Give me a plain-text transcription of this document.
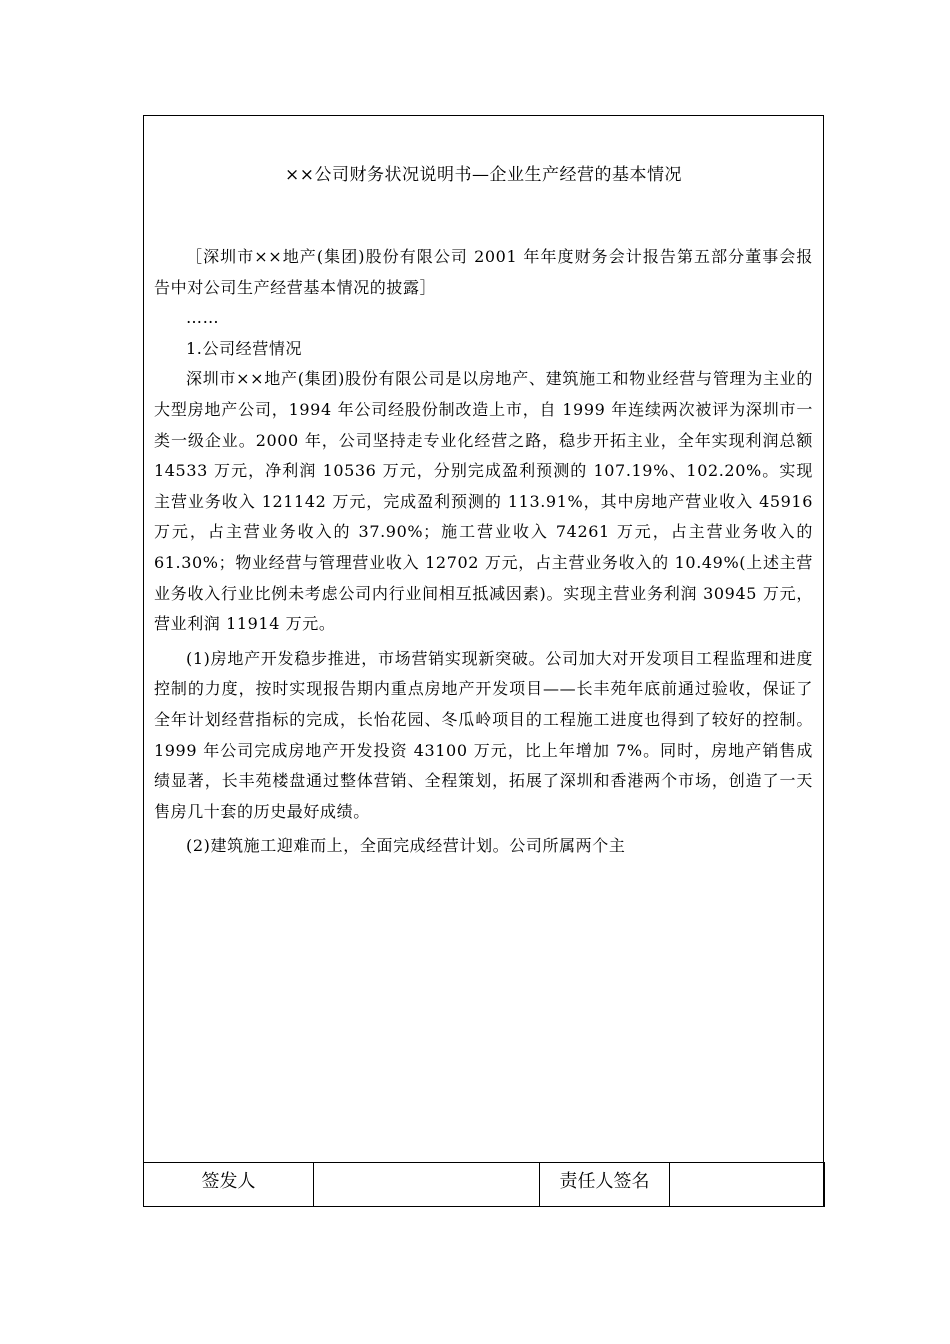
××公司财务状况说明书—企业生产经营的基本情况

［深圳市××地产(集团)股份有限公司 2001 年年度财务会计报告第五部分董事会报告中对公司生产经营基本情况的披露］

……

1.公司经营情况

深圳市××地产(集团)股份有限公司是以房地产、建筑施工和物业经营与管理为主业的大型房地产公司，1994 年公司经股份制改造上市，自 1999 年连续两次被评为深圳市一类一级企业。2000 年，公司坚持走专业化经营之路，稳步开拓主业，全年实现利润总额 14533 万元，净利润 10536 万元，分别完成盈利预测的 107.19%、102.20%。实现主营业务收入 121142 万元，完成盈利预测的 113.91%，其中房地产营业收入 45916 万元，占主营业务收入的 37.90%；施工营业收入 74261 万元，占主营业务收入的 61.30%；物业经营与管理营业收入 12702 万元，占主营业务收入的 10.49%(上述主营业务收入行业比例未考虑公司内行业间相互抵减因素)。实现主营业务利润 30945 万元，营业利润 11914 万元。

(1)房地产开发稳步推进，市场营销实现新突破。公司加大对开发项目工程监理和进度控制的力度，按时实现报告期内重点房地产开发项目——长丰苑年底前通过验收，保证了全年计划经营指标的完成，长怡花园、冬瓜岭项目的工程施工进度也得到了较好的控制。1999 年公司完成房地产开发投资 43100 万元，比上年增加 7%。同时，房地产销售成绩显著，长丰苑楼盘通过整体营销、全程策划，拓展了深圳和香港两个市场，创造了一天售房几十套的历史最好成绩。

(2)建筑施工迎难而上，全面完成经营计划。公司所属两个主

签发人		责任人签名	
